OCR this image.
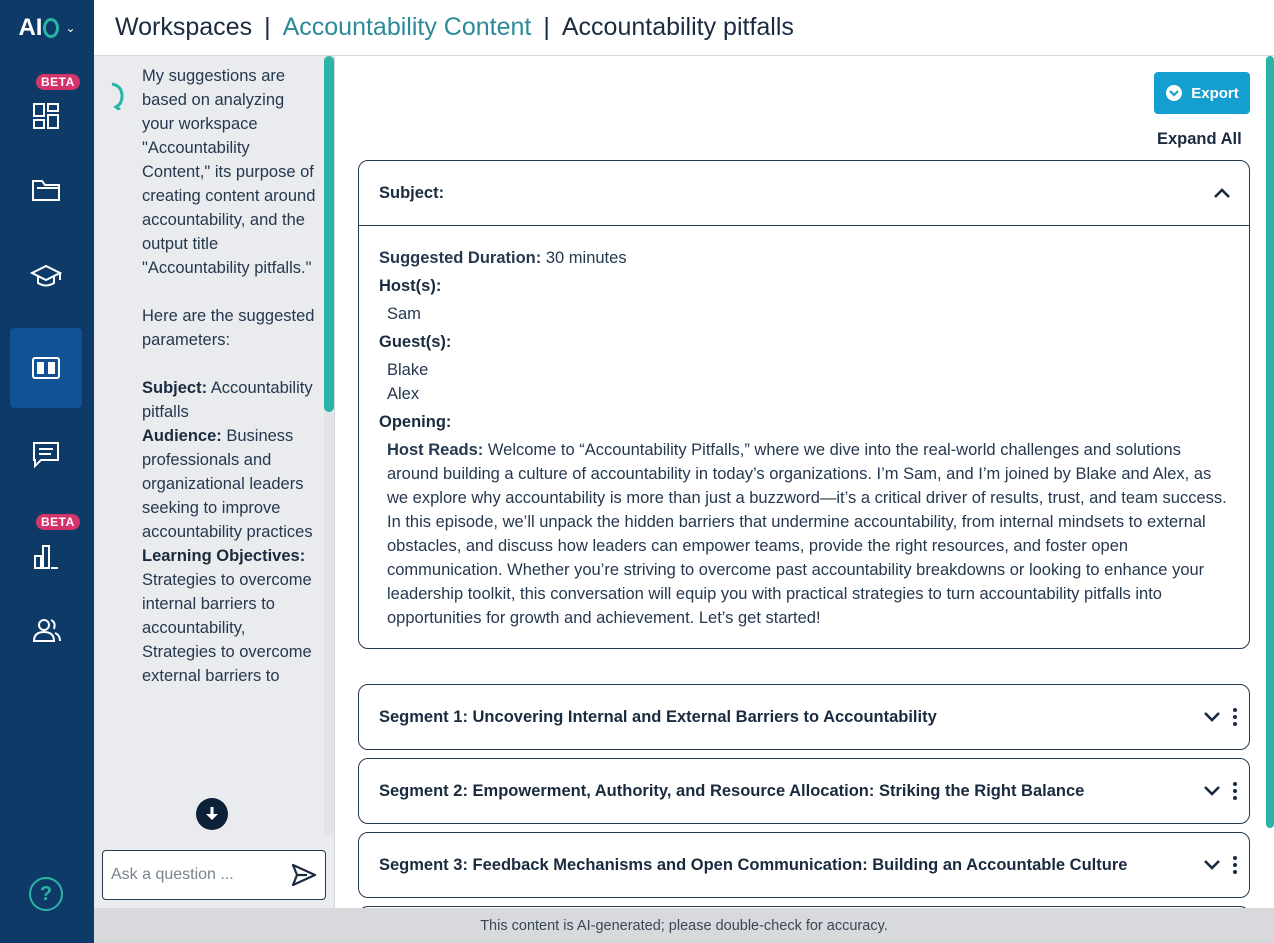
AI ⌄
BETA
BETA
?
Workspaces | Accountability Content | Accountability pitfalls

My suggestions are based on analyzing your workspace "Accountability Content," its purpose of creating content around accountability, and the output title "Accountability pitfalls."

Here are the suggested parameters:

Subject: Accountability pitfalls
Audience: Business professionals and organizational leaders seeking to improve accountability practices
Learning Objectives: Strategies to overcome internal barriers to accountability, Strategies to overcome external barriers to
Ask a question ...
Export
Expand All
Subject:
Suggested Duration: 30 minutes
Host(s):
Sam
Guest(s):
Blake
Alex
Opening:
Host Reads: Welcome to “Accountability Pitfalls,” where we dive into the real-world challenges and solutions around building a culture of accountability in today’s organizations. I’m Sam, and I’m joined by Blake and Alex, as we explore why accountability is more than just a buzzword—it’s a critical driver of results, trust, and team success. In this episode, we’ll unpack the hidden barriers that undermine accountability, from internal mindsets to external obstacles, and discuss how leaders can empower teams, provide the right resources, and foster open communication. Whether you’re striving to overcome past accountability breakdowns or looking to enhance your leadership toolkit, this conversation will equip you with practical strategies to turn accountability pitfalls into opportunities for growth and achievement. Let’s get started!
Segment 1: Uncovering Internal and External Barriers to Accountability
Segment 2: Empowerment, Authority, and Resource Allocation: Striking the Right Balance
Segment 3: Feedback Mechanisms and Open Communication: Building an Accountable Culture
This content is AI-generated; please double-check for accuracy.
